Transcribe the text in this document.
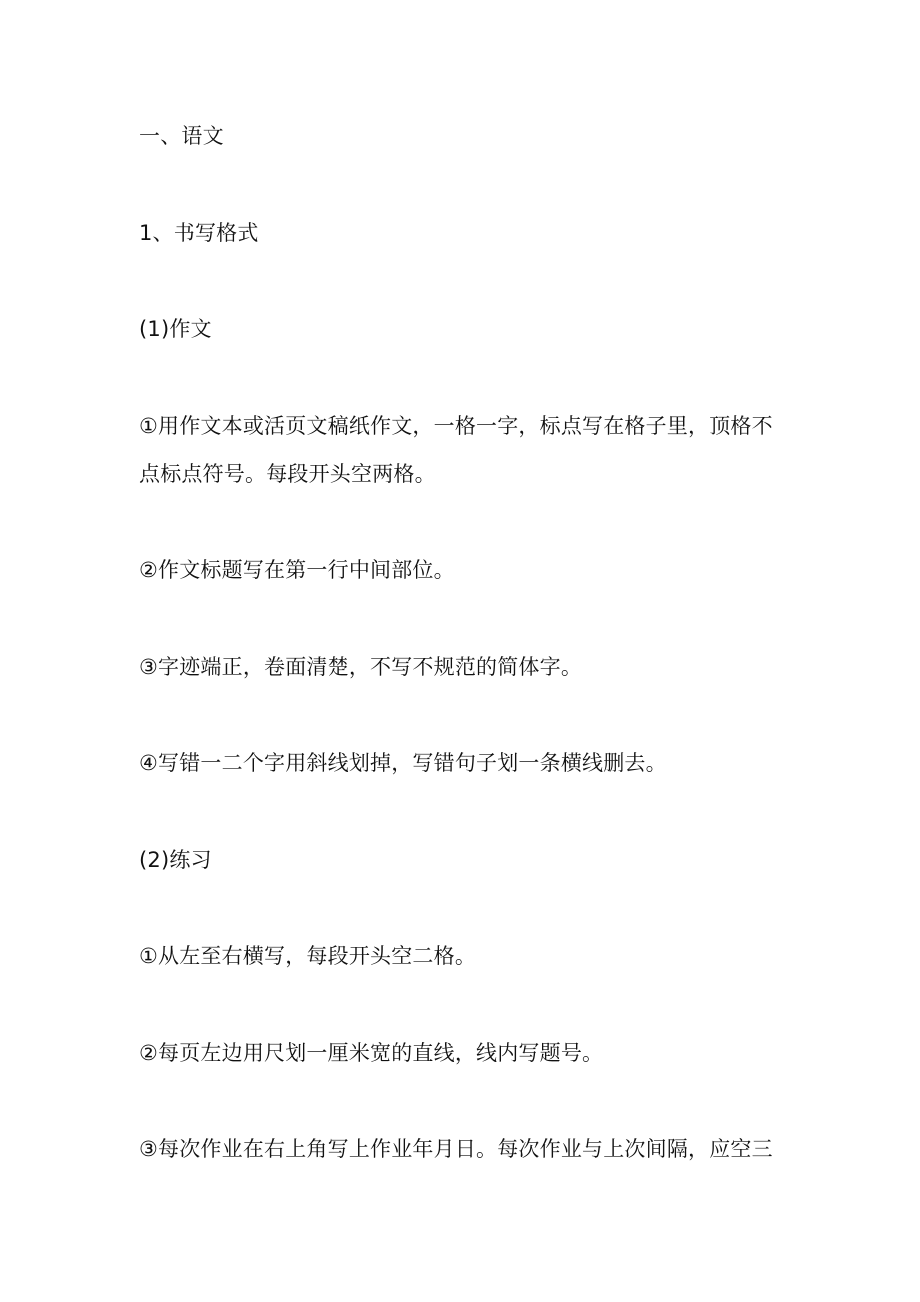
一、语文
1、书写格式
(1)作文
①用作文本或活页文稿纸作文，一格一字，标点写在格子里，顶格不
点标点符号。每段开头空两格。
②作文标题写在第一行中间部位。
③字迹端正，卷面清楚，不写不规范的简体字。
④写错一二个字用斜线划掉，写错句子划一条横线删去。
(2)练习
①从左至右横写，每段开头空二格。
②每页左边用尺划一厘米宽的直线，线内写题号。
③每次作业在右上角写上作业年月日。每次作业与上次间隔，应空三
